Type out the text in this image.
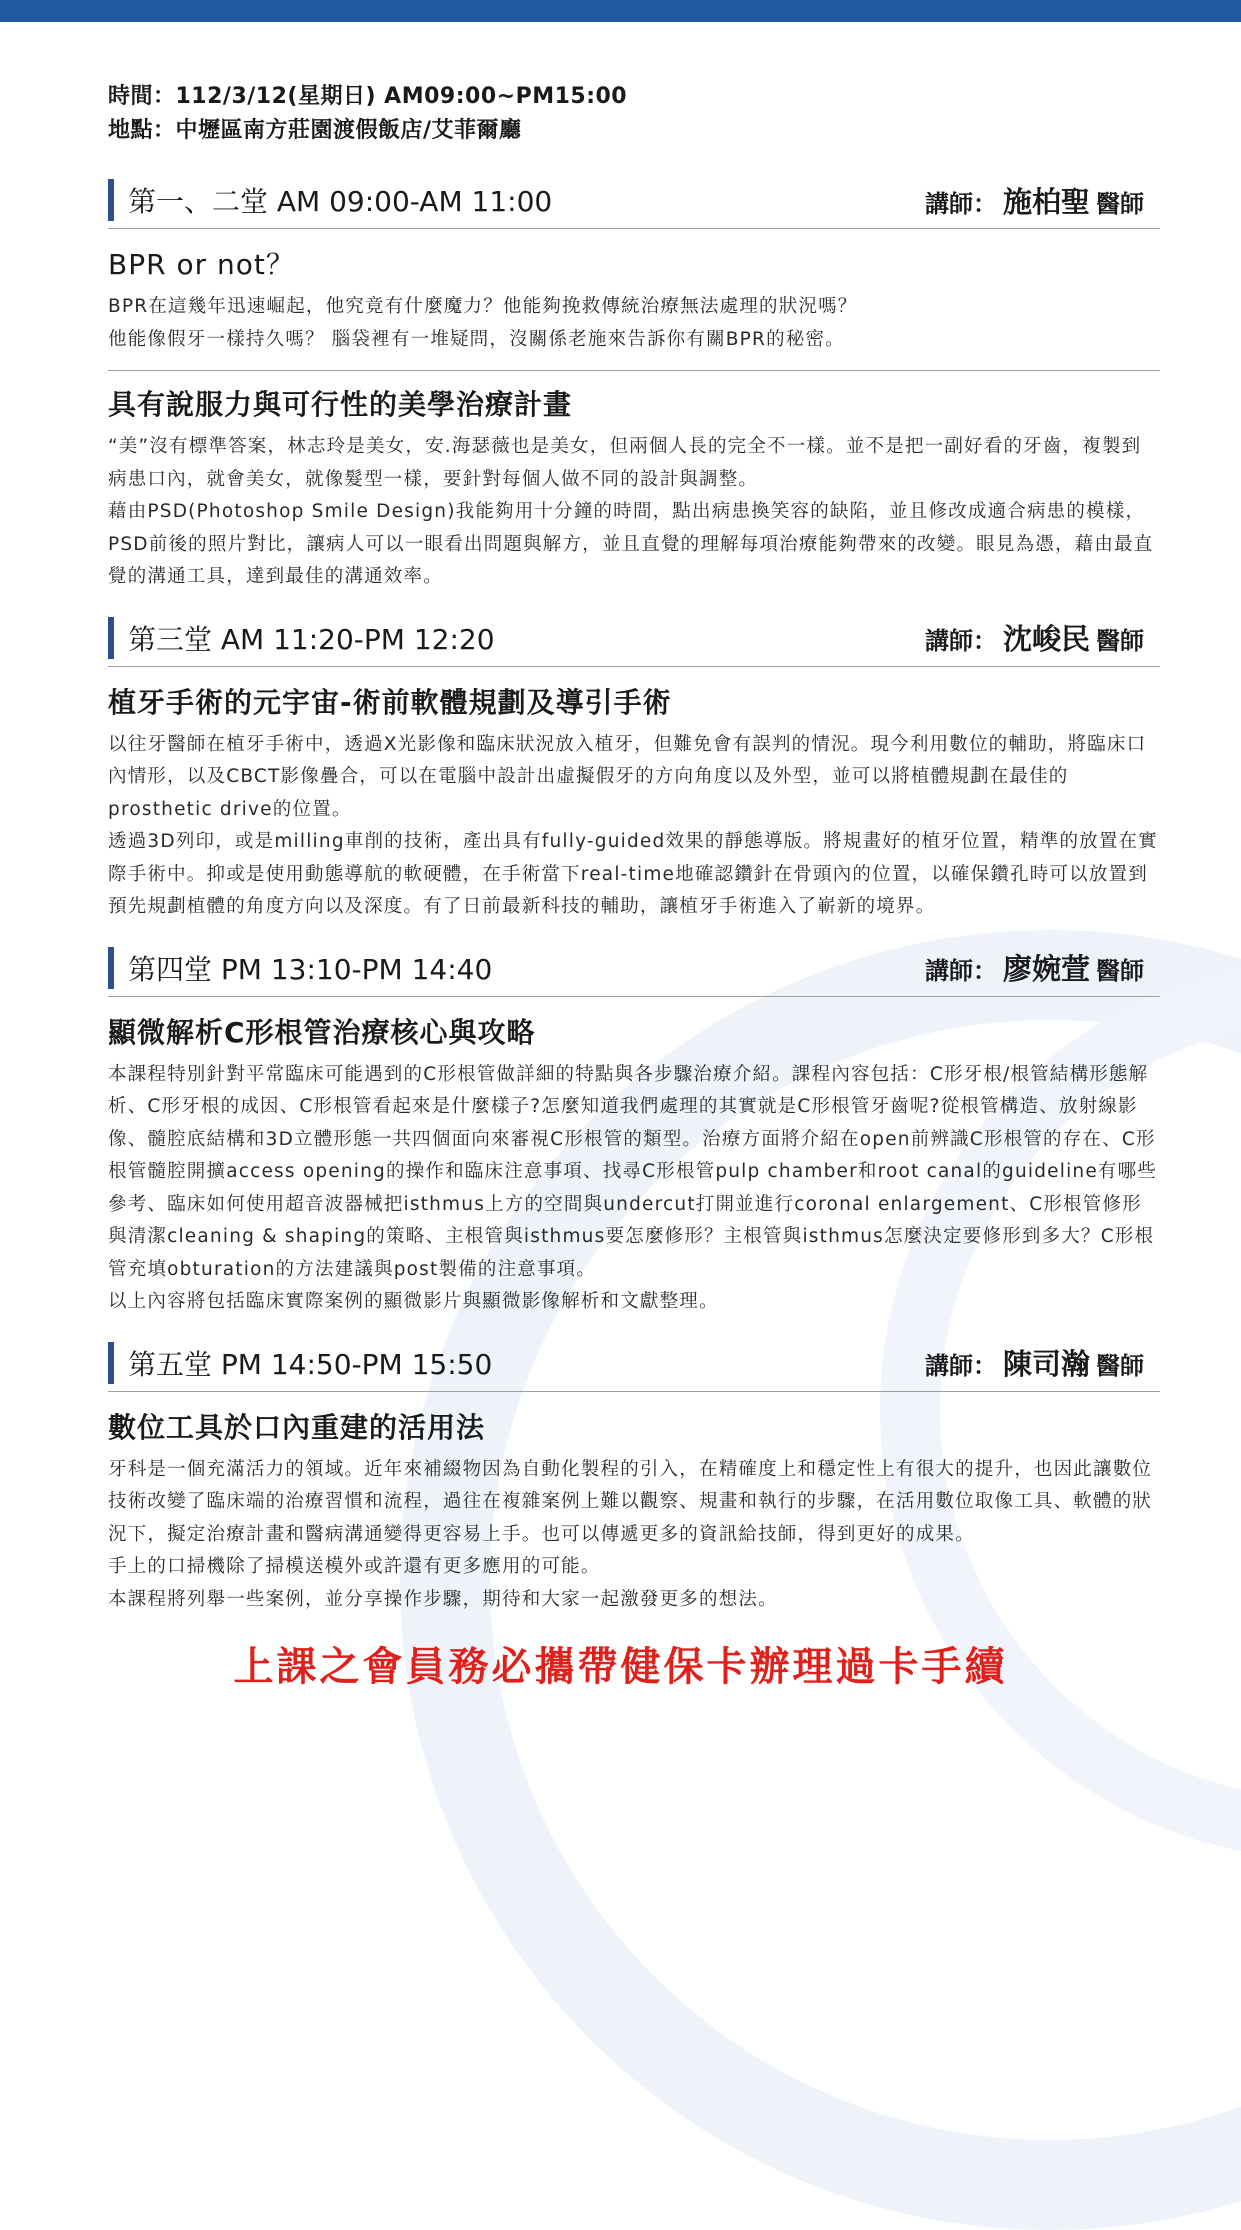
時間：112/3/12(星期日) AM09:00~PM15:00
地點：中壢區南方莊園渡假飯店/艾菲爾廳
第一、二堂 AM 09:00-AM 11:00	講師： 施柏聖 醫師
BPR or not？
BPR在這幾年迅速崛起，他究竟有什麼魔力？他能夠挽救傳統治療無法處理的狀況嗎？
他能像假牙一樣持久嗎？ 腦袋裡有一堆疑問，沒關係老施來告訴你有關BPR的秘密。
具有說服力與可行性的美學治療計畫
“美”沒有標準答案，林志玲是美女，安.海瑟薇也是美女，但兩個人長的完全不一樣。並不是把一副好看的牙齒，複製到病患口內，就會美女，就像髮型一樣，要針對每個人做不同的設計與調整。
藉由PSD(Photoshop Smile Design)我能夠用十分鐘的時間，點出病患換笑容的缺陷，並且修改成適合病患的模樣，PSD前後的照片對比，讓病人可以一眼看出問題與解方，並且直覺的理解每項治療能夠帶來的改變。眼見為憑，藉由最直覺的溝通工具，達到最佳的溝通效率。
第三堂 AM 11:20-PM 12:20	講師： 沈峻民 醫師
植牙手術的元宇宙-術前軟體規劃及導引手術
以往牙醫師在植牙手術中，透過X光影像和臨床狀況放入植牙，但難免會有誤判的情況。現今利用數位的輔助，將臨床口內情形，以及CBCT影像疊合，可以在電腦中設計出虛擬假牙的方向角度以及外型，並可以將植體規劃在最佳的prosthetic drive的位置。
透過3D列印，或是milling車削的技術，產出具有fully-guided效果的靜態導版。將規畫好的植牙位置，精準的放置在實際手術中。抑或是使用動態導航的軟硬體，在手術當下real-time地確認鑽針在骨頭內的位置，以確保鑽孔時可以放置到預先規劃植體的角度方向以及深度。有了日前最新科技的輔助，讓植牙手術進入了嶄新的境界。
第四堂 PM 13:10-PM 14:40	講師： 廖婉萱 醫師
顯微解析C形根管治療核心與攻略
本課程特別針對平常臨床可能遇到的C形根管做詳細的特點與各步驟治療介紹。課程內容包括：C形牙根/根管結構形態解析、C形牙根的成因、C形根管看起來是什麼樣子?怎麼知道我們處理的其實就是C形根管牙齒呢?從根管構造、放射線影像、髓腔底結構和3D立體形態一共四個面向來審視C形根管的類型。治療方面將介紹在open前辨識C形根管的存在、C形根管髓腔開擴access opening的操作和臨床注意事項、找尋C形根管pulp chamber和root canal的guideline有哪些參考、臨床如何使用超音波器械把isthmus上方的空間與undercut打開並進行coronal enlargement、C形根管修形與清潔cleaning & shaping的策略、主根管與isthmus要怎麼修形？主根管與isthmus怎麼決定要修形到多大？C形根管充填obturation的方法建議與post製備的注意事項。
以上內容將包括臨床實際案例的顯微影片與顯微影像解析和文獻整理。
第五堂 PM 14:50-PM 15:50	講師： 陳司瀚 醫師
數位工具於口內重建的活用法
牙科是一個充滿活力的領域。近年來補綴物因為自動化製程的引入，在精確度上和穩定性上有很大的提升，也因此讓數位技術改變了臨床端的治療習慣和流程，過往在複雜案例上難以觀察、規畫和執行的步驟，在活用數位取像工具、軟體的狀況下，擬定治療計畫和醫病溝通變得更容易上手。也可以傳遞更多的資訊給技師，得到更好的成果。
手上的口掃機除了掃模送模外或許還有更多應用的可能。
本課程將列舉一些案例，並分享操作步驟，期待和大家一起激發更多的想法。
上課之會員務必攜帶健保卡辦理過卡手續
